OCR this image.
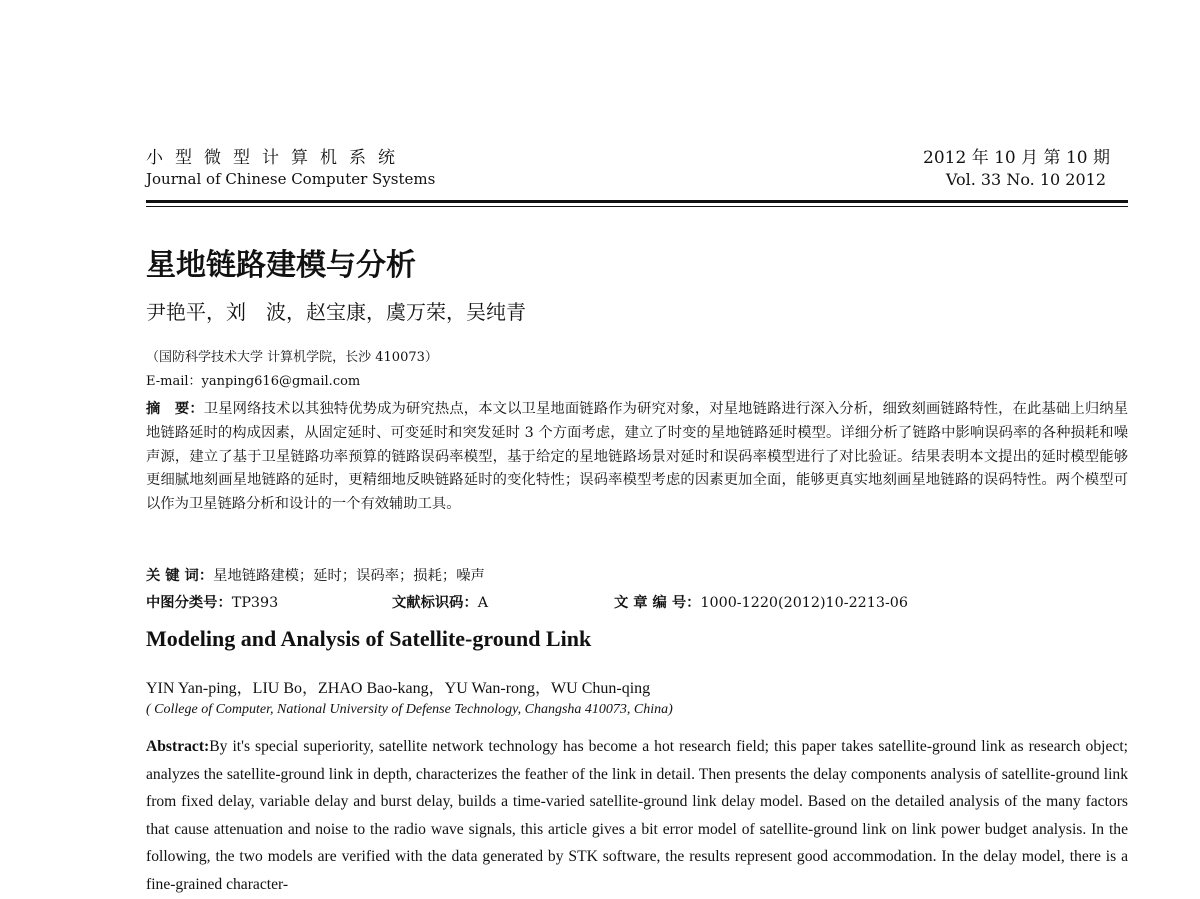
小型微型计算机系统
Journal of Chinese Computer Systems
2012 年 10 月 第 10 期
Vol. 33 No. 10 2012
星地链路建模与分析
尹艳平，刘　波，赵宝康，虞万荣，吴纯青
（国防科学技术大学 计算机学院，长沙 410073）
E-mail：yanping616@gmail.com
摘　要：卫星网络技术以其独特优势成为研究热点，本文以卫星地面链路作为研究对象，对星地链路进行深入分析，细致刻画链路特性，在此基础上归纳星地链路延时的构成因素，从固定延时、可变延时和突发延时 3 个方面考虑，建立了时变的星地链路延时模型。详细分析了链路中影响误码率的各种损耗和噪声源，建立了基于卫星链路功率预算的链路误码率模型，基于给定的星地链路场景对延时和误码率模型进行了对比验证。结果表明本文提出的延时模型能够更细腻地刻画星地链路的延时，更精细地反映链路延时的变化特性；误码率模型考虑的因素更加全面，能够更真实地刻画星地链路的误码特性。两个模型可以作为卫星链路分析和设计的一个有效辅助工具。
关 键 词：星地链路建模；延时；误码率；损耗；噪声
中图分类号：TP393	文献标识码：A	文 章 编 号：1000-1220(2012)10-2213-06
Modeling and Analysis of Satellite-ground Link
YIN Yan-ping，LIU Bo，ZHAO Bao-kang，YU Wan-rong，WU Chun-qing
( College of Computer, National University of Defense Technology, Changsha 410073, China)
Abstract:By it's special superiority, satellite network technology has become a hot research field; this paper takes satellite-ground link as research object; analyzes the satellite-ground link in depth, characterizes the feather of the link in detail. Then presents the delay components analysis of satellite-ground link from fixed delay, variable delay and burst delay, builds a time-varied satellite-ground link delay model. Based on the detailed analysis of the many factors that cause attenuation and noise to the radio wave signals, this article gives a bit error model of satellite-ground link on link power budget analysis. In the following, the two models are verified with the data generated by STK software, the results represent good accommodation. In the delay model, there is a fine-grained character-
